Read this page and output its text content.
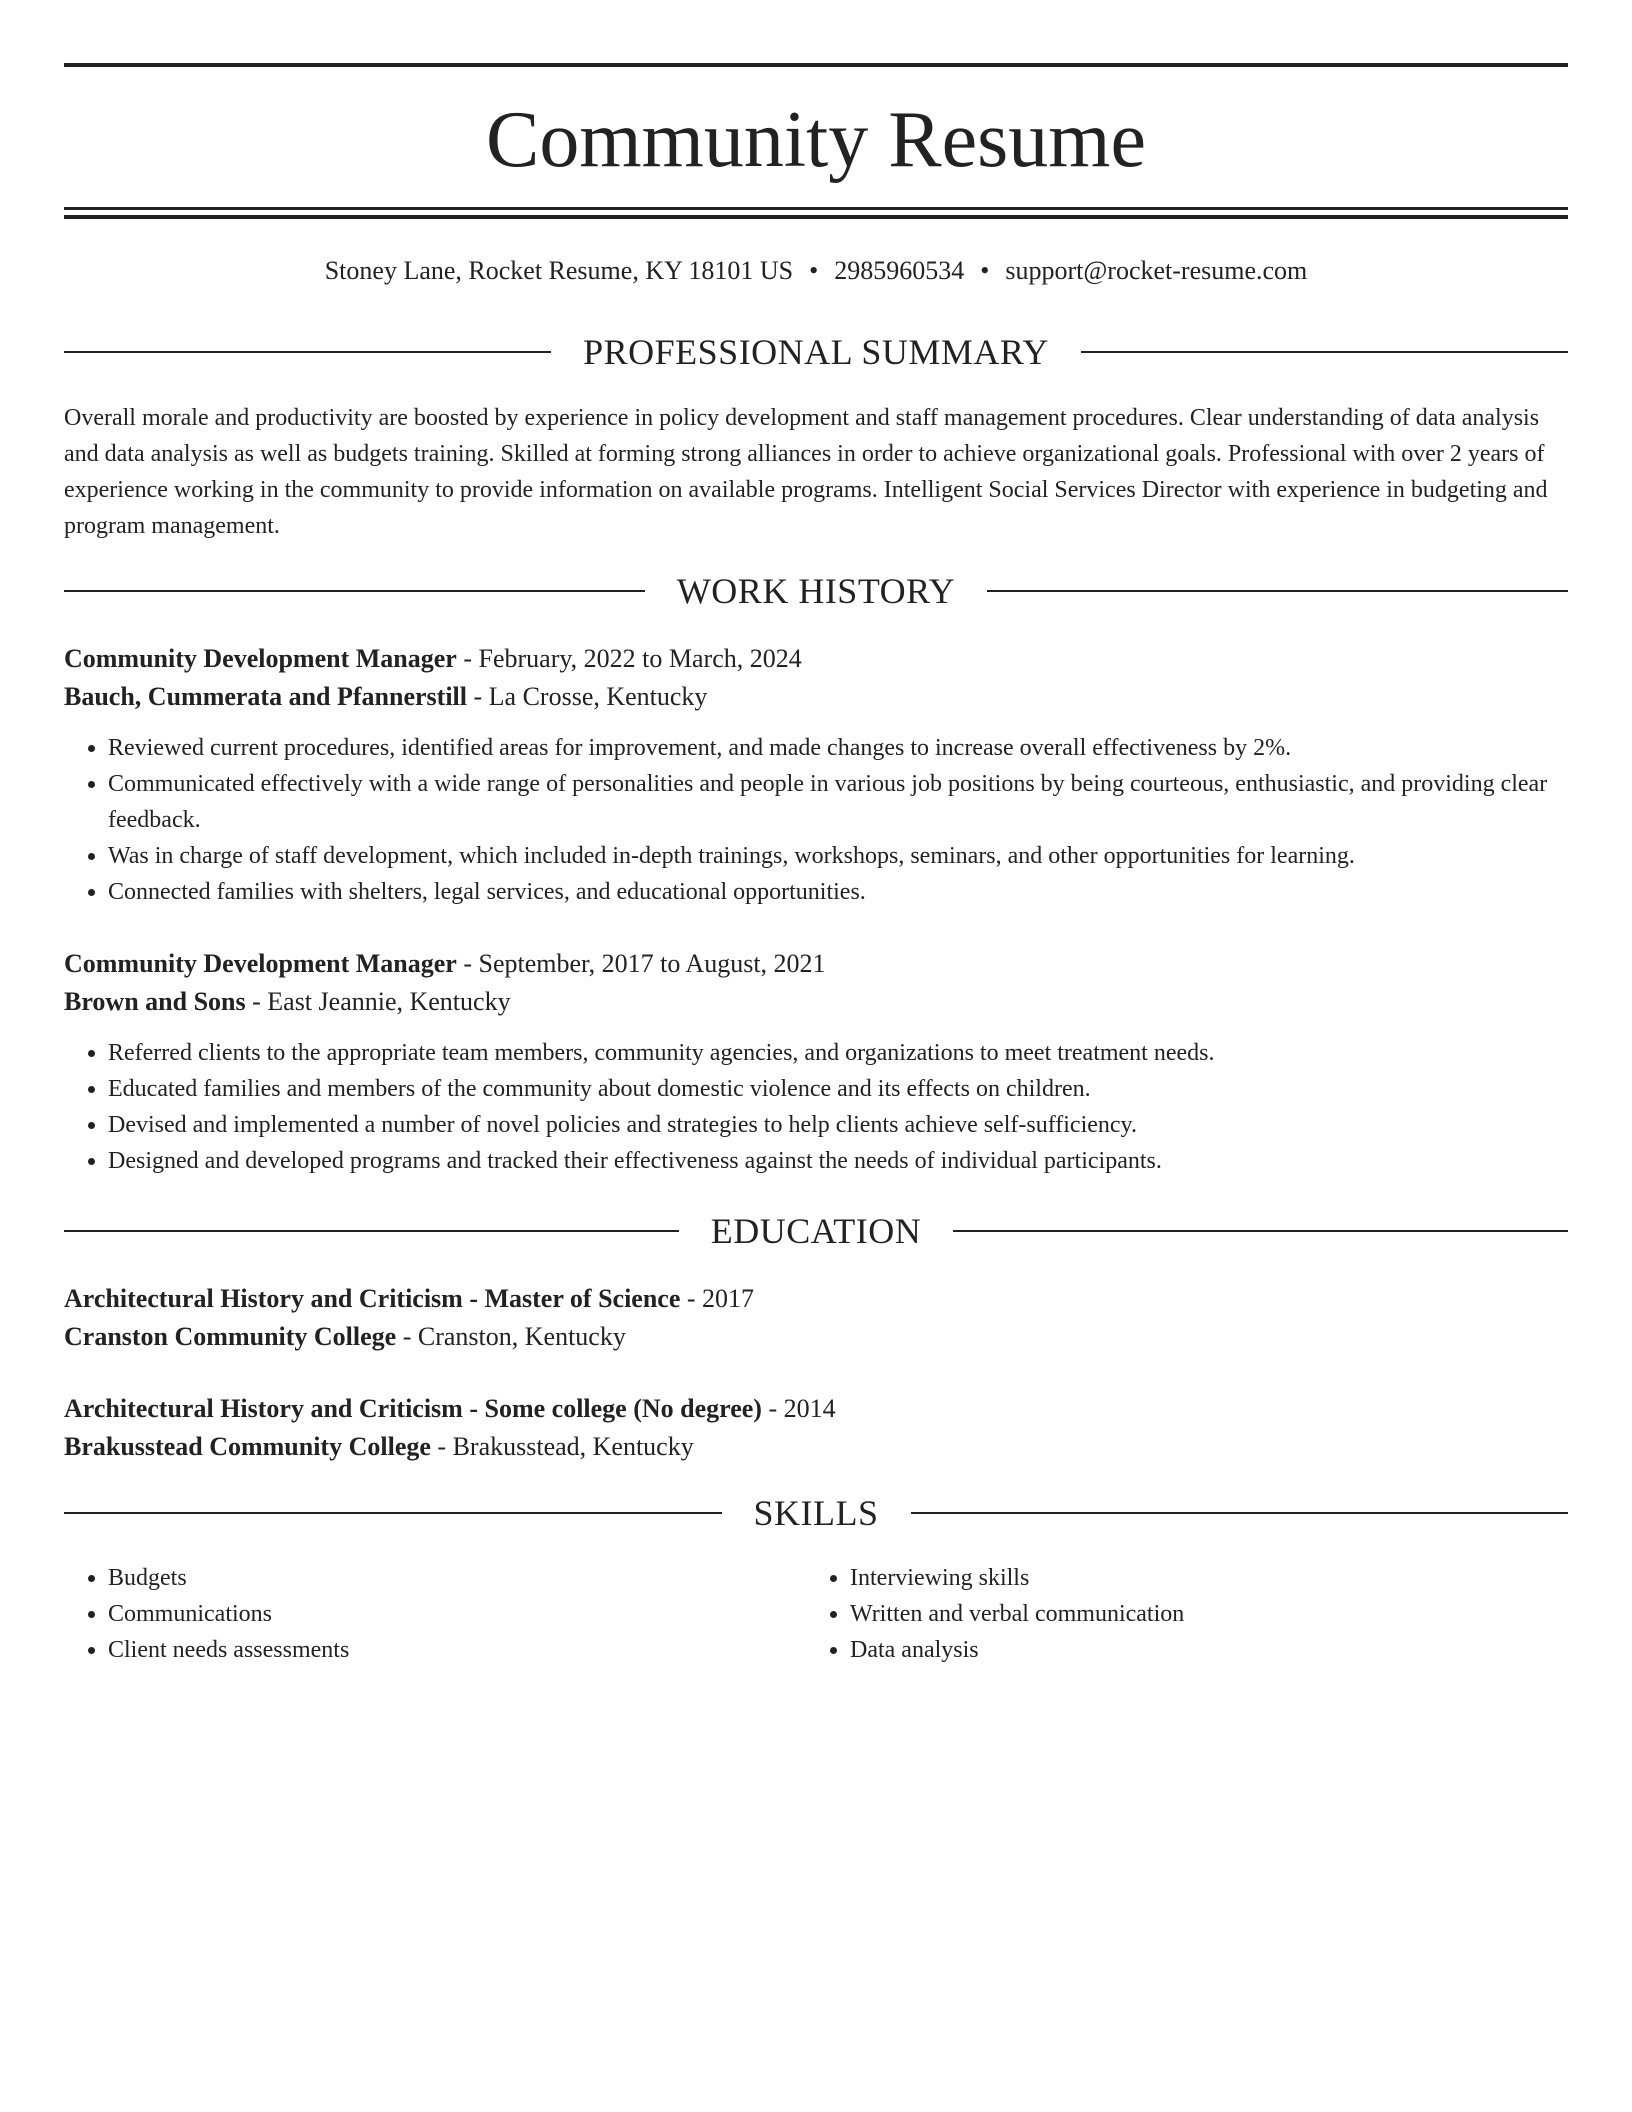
Community Resume
Stoney Lane, Rocket Resume, KY 18101 US • 2985960534 • support@rocket-resume.com
PROFESSIONAL SUMMARY

Overall morale and productivity are boosted by experience in policy development and staff management procedures. Clear understanding of data analysis and data analysis as well as budgets training. Skilled at forming strong alliances in order to achieve organizational goals. Professional with over 2 years of experience working in the community to provide information on available programs. Intelligent Social Services Director with experience in budgeting and program management.

WORK HISTORY
Community Development Manager - February, 2022 to March, 2024
Bauch, Cummerata and Pfannerstill - La Crosse, Kentucky
• Reviewed current procedures, identified areas for improvement, and made changes to increase overall effectiveness by 2%.
• Communicated effectively with a wide range of personalities and people in various job positions by being courteous, enthusiastic, and providing clear feedback.
• Was in charge of staff development, which included in-depth trainings, workshops, seminars, and other opportunities for learning.
• Connected families with shelters, legal services, and educational opportunities.
Community Development Manager - September, 2017 to August, 2021
Brown and Sons - East Jeannie, Kentucky
• Referred clients to the appropriate team members, community agencies, and organizations to meet treatment needs.
• Educated families and members of the community about domestic violence and its effects on children.
• Devised and implemented a number of novel policies and strategies to help clients achieve self-sufficiency.
• Designed and developed programs and tracked their effectiveness against the needs of individual participants.
EDUCATION
Architectural History and Criticism - Master of Science - 2017
Cranston Community College - Cranston, Kentucky
Architectural History and Criticism - Some college (No degree) - 2014
Brakusstead Community College - Brakusstead, Kentucky
SKILLS
• Budgets
• Communications
• Client needs assessments
• Interviewing skills
• Written and verbal communication
• Data analysis
